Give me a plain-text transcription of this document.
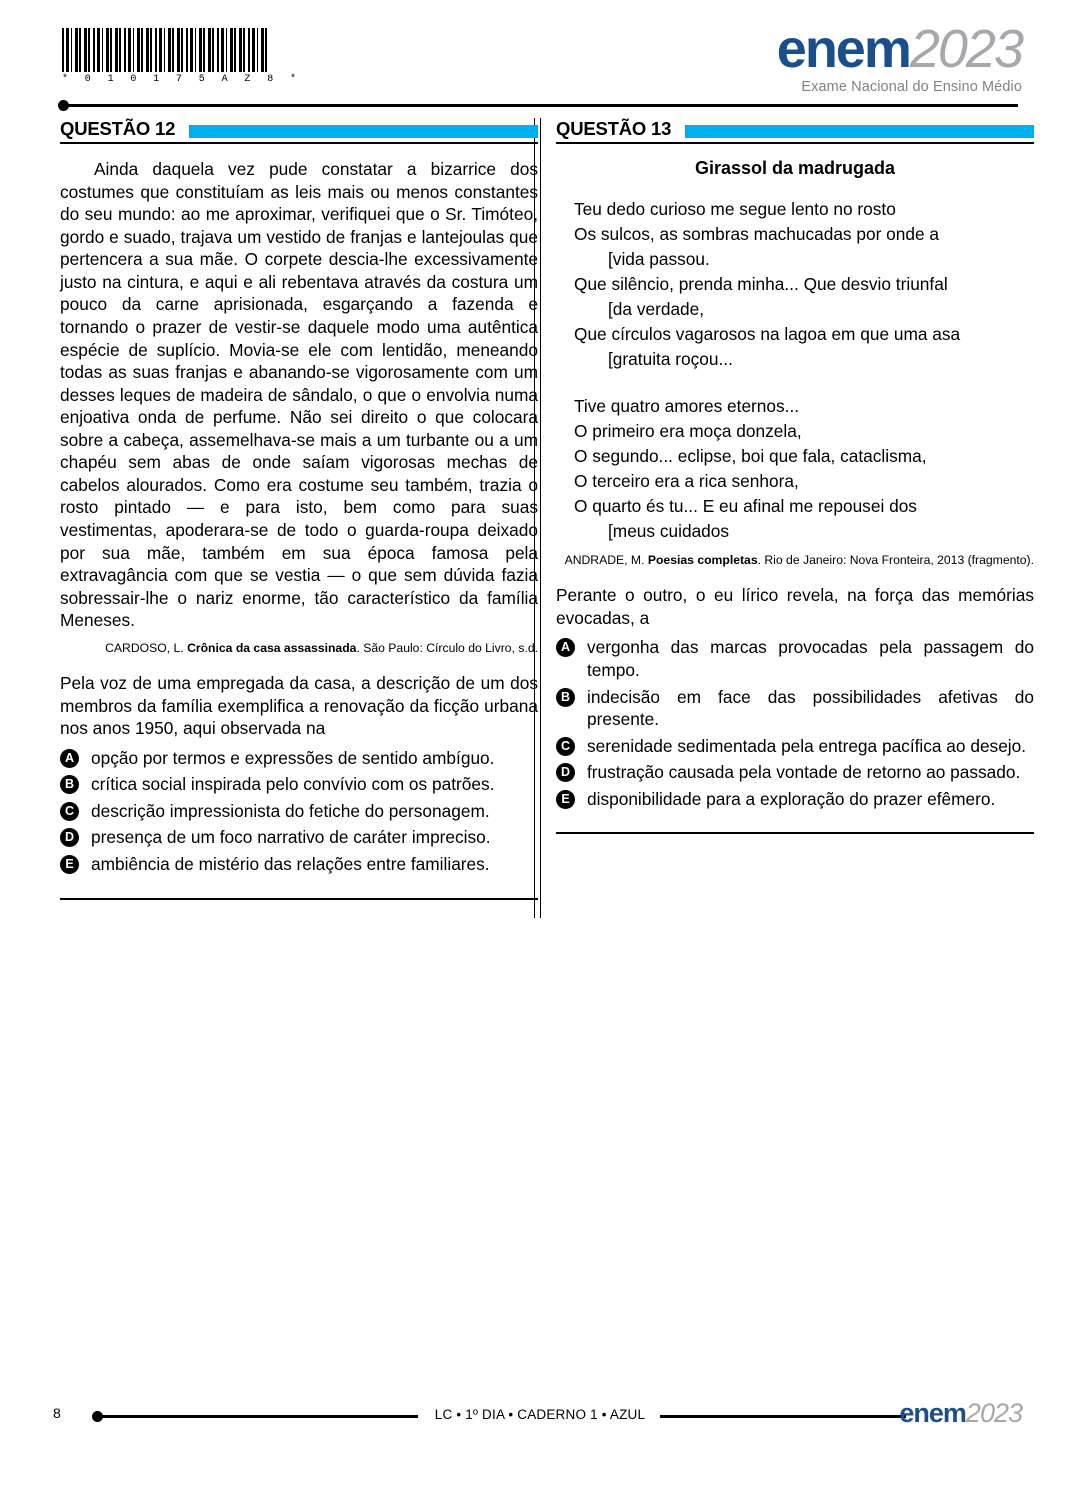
* 0 1 0 1 7 5 A Z 8 *
enem2023
Exame Nacional do Ensino Médio
QUESTÃO 12

Ainda daquela vez pude constatar a bizarrice dos costumes que constituíam as leis mais ou menos constantes do seu mundo: ao me aproximar, verifiquei que o Sr. Timóteo, gordo e suado, trajava um vestido de franjas e lantejoulas que pertencera a sua mãe. O corpete descia-lhe excessivamente justo na cintura, e aqui e ali rebentava através da costura um pouco da carne aprisionada, esgarçando a fazenda e tornando o prazer de vestir-se daquele modo uma autêntica espécie de suplício. Movia-se ele com lentidão, meneando todas as suas franjas e abanando-se vigorosamente com um desses leques de madeira de sândalo, o que o envolvia numa enjoativa onda de perfume. Não sei direito o que colocara sobre a cabeça, assemelhava-se mais a um turbante ou a um chapéu sem abas de onde saíam vigorosas mechas de cabelos alourados. Como era costume seu também, trazia o rosto pintado — e para isto, bem como para suas vestimentas, apoderara-se de todo o guarda-roupa deixado por sua mãe, também em sua época famosa pela extravagância com que se vestia — o que sem dúvida fazia sobressair-lhe o nariz enorme, tão característico da família Meneses.

CARDOSO, L. Crônica da casa assassinada. São Paulo: Círculo do Livro, s.d.

Pela voz de uma empregada da casa, a descrição de um dos membros da família exemplifica a renovação da ficção urbana nos anos 1950, aqui observada na

A opção por termos e expressões de sentido ambíguo.
B crítica social inspirada pelo convívio com os patrões.
C descrição impressionista do fetiche do personagem.
D presença de um foco narrativo de caráter impreciso.
E	ambiência de mistério das relações entre familiares.
QUESTÃO 13
Girassol da madrugada
Teu dedo curioso me segue lento no rosto
Os sulcos, as sombras machucadas por onde a
[vida passou.
Que silêncio, prenda minha... Que desvio triunfal
[da verdade,
Que círculos vagarosos na lagoa em que uma asa
[gratuita roçou...
Tive quatro amores eternos...
O primeiro era moça donzela,
O segundo... eclipse, boi que fala, cataclisma,
O terceiro era a rica senhora,
O quarto és tu... E eu afinal me repousei dos
[meus cuidados

ANDRADE, M. Poesias completas. Rio de Janeiro: Nova Fronteira, 2013 (fragmento).

Perante o outro, o eu lírico revela, na força das memórias evocadas, a

A vergonha das marcas provocadas pela passagem do tempo.
B indecisão em face das possibilidades afetivas do presente.
C serenidade sedimentada pela entrega pacífica ao desejo.
D frustração causada pela vontade de retorno ao passado.
E	disponibilidade para a exploração do prazer efêmero.
8	LC • 1º DIA • CADERNO 1 • AZUL	enem2023
